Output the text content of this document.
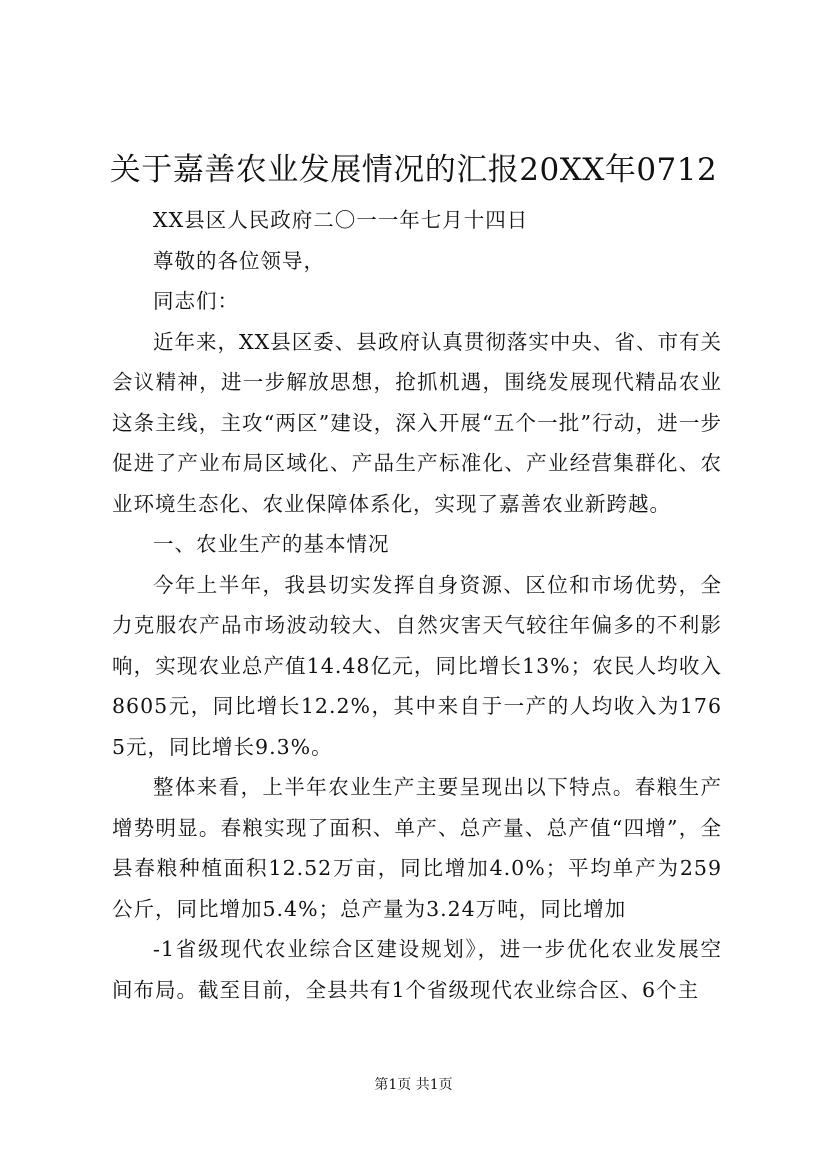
关于嘉善农业发展情况的汇报20XX年0712

XX县区人民政府二〇一一年七月十四日

尊敬的各位领导，

同志们：

近年来，XX县区委、县政府认真贯彻落实中央、省、市有关会议精神，进一步解放思想，抢抓机遇，围绕发展现代精品农业这条主线，主攻“两区”建设，深入开展“五个一批”行动，进一步促进了产业布局区域化、产品生产标准化、产业经营集群化、农业环境生态化、农业保障体系化，实现了嘉善农业新跨越。

一、农业生产的基本情况

今年上半年，我县切实发挥自身资源、区位和市场优势，全力克服农产品市场波动较大、自然灾害天气较往年偏多的不利影响，实现农业总产值14.48亿元，同比增长13%；农民人均收入8605元，同比增长12.2%，其中来自于一产的人均收入为1765元，同比增长9.3%。

整体来看，上半年农业生产主要呈现出以下特点。春粮生产增势明显。春粮实现了面积、单产、总产量、总产值“四增”，全县春粮种植面积12.52万亩，同比增加4.0%；平均单产为259公斤，同比增加5.4%；总产量为3.24万吨，同比增加

-1省级现代农业综合区建设规划》，进一步优化农业发展空间布局。截至目前，全县共有1个省级现代农业综合区、6个主

第1页 共1页
